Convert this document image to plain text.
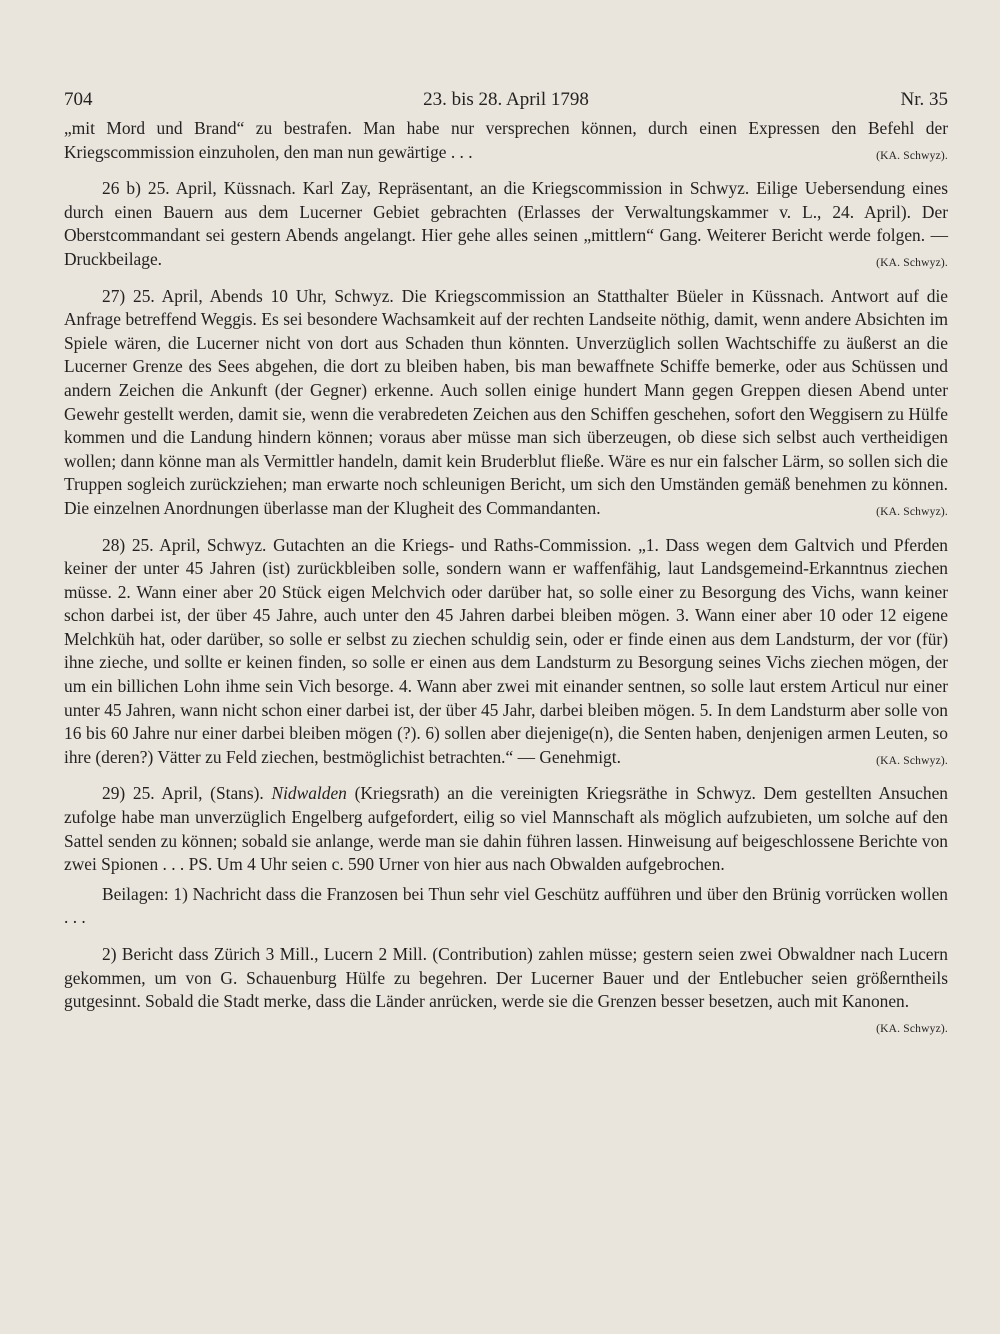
704	23. bis 28. April 1798	Nr. 35

„mit Mord und Brand“ zu bestrafen. Man habe nur versprechen können, durch einen Expressen den Befehl der Kriegscommission einzuholen, den man nun gewärtige . . .	(KA. Schwyz).

26 b) 25. April, Küssnach. Karl Zay, Repräsentant, an die Kriegscommission in Schwyz. Eilige Uebersendung eines durch einen Bauern aus dem Lucerner Gebiet gebrachten (Erlasses der Verwaltungskammer v. L., 24. April). Der Oberstcommandant sei gestern Abends angelangt. Hier gehe alles seinen „mittlern“ Gang. Weiterer Bericht werde folgen. — Druckbeilage.	(KA. Schwyz).

27) 25. April, Abends 10 Uhr, Schwyz. Die Kriegscommission an Statthalter Büeler in Küssnach. Antwort auf die Anfrage betreffend Weggis. Es sei besondere Wachsamkeit auf der rechten Landseite nöthig, damit, wenn andere Absichten im Spiele wären, die Lucerner nicht von dort aus Schaden thun könnten. Unverzüglich sollen Wachtschiffe zu äußerst an die Lucerner Grenze des Sees abgehen, die dort zu bleiben haben, bis man bewaffnete Schiffe bemerke, oder aus Schüssen und andern Zeichen die Ankunft (der Gegner) erkenne. Auch sollen einige hundert Mann gegen Greppen diesen Abend unter Gewehr gestellt werden, damit sie, wenn die verabredeten Zeichen aus den Schiffen geschehen, sofort den Weggisern zu Hülfe kommen und die Landung hindern können; voraus aber müsse man sich überzeugen, ob diese sich selbst auch vertheidigen wollen; dann könne man als Vermittler handeln, damit kein Bruderblut fließe. Wäre es nur ein falscher Lärm, so sollen sich die Truppen sogleich zurückziehen; man erwarte noch schleunigen Bericht, um sich den Umständen gemäß benehmen zu können. Die einzelnen Anordnungen überlasse man der Klugheit des Commandanten.	(KA. Schwyz).

28) 25. April, Schwyz. Gutachten an die Kriegs- und Raths-Commission. „1. Dass wegen dem Galtvich und Pferden keiner der unter 45 Jahren (ist) zurückbleiben solle, sondern wann er waffenfähig, laut Landsgemeind-Erkanntnus ziechen müsse. 2. Wann einer aber 20 Stück eigen Melchvich oder darüber hat, so solle einer zu Besorgung des Vichs, wann keiner schon darbei ist, der über 45 Jahre, auch unter den 45 Jahren darbei bleiben mögen. 3. Wann einer aber 10 oder 12 eigene Melchküh hat, oder darüber, so solle er selbst zu ziechen schuldig sein, oder er finde einen aus dem Landsturm, der vor (für) ihne zieche, und sollte er keinen finden, so solle er einen aus dem Landsturm zu Besorgung seines Vichs ziechen mögen, der um ein billichen Lohn ihme sein Vich besorge. 4. Wann aber zwei mit einander sentnen, so solle laut erstem Articul nur einer unter 45 Jahren, wann nicht schon einer darbei ist, der über 45 Jahr, darbei bleiben mögen. 5. In dem Landsturm aber solle von 16 bis 60 Jahre nur einer darbei bleiben mögen (?). 6) sollen aber diejenige(n), die Senten haben, denjenigen armen Leuten, so ihre (deren?) Vätter zu Feld ziechen, bestmöglichist betrachten.“ — Genehmigt.	(KA. Schwyz).

29) 25. April, (Stans). Nidwalden (Kriegsrath) an die vereinigten Kriegsräthe in Schwyz. Dem gestellten Ansuchen zufolge habe man unverzüglich Engelberg aufgefordert, eilig so viel Mannschaft als möglich aufzubieten, um solche auf den Sattel senden zu können; sobald sie anlange, werde man sie dahin führen lassen. Hinweisung auf beigeschlossene Berichte von zwei Spionen . . . PS. Um 4 Uhr seien c. 590 Urner von hier aus nach Obwalden aufgebrochen.

Beilagen: 1) Nachricht dass die Franzosen bei Thun sehr viel Geschütz aufführen und über den Brünig vorrücken wollen . . .

2) Bericht dass Zürich 3 Mill., Lucern 2 Mill. (Contribution) zahlen müsse; gestern seien zwei Obwaldner nach Lucern gekommen, um von G. Schauenburg Hülfe zu begehren. Der Lucerner Bauer und der Entlebucher seien größerntheils gutgesinnt. Sobald die Stadt merke, dass die Länder anrücken, werde sie die Grenzen besser besetzen, auch mit Kanonen.
(KA. Schwyz).
